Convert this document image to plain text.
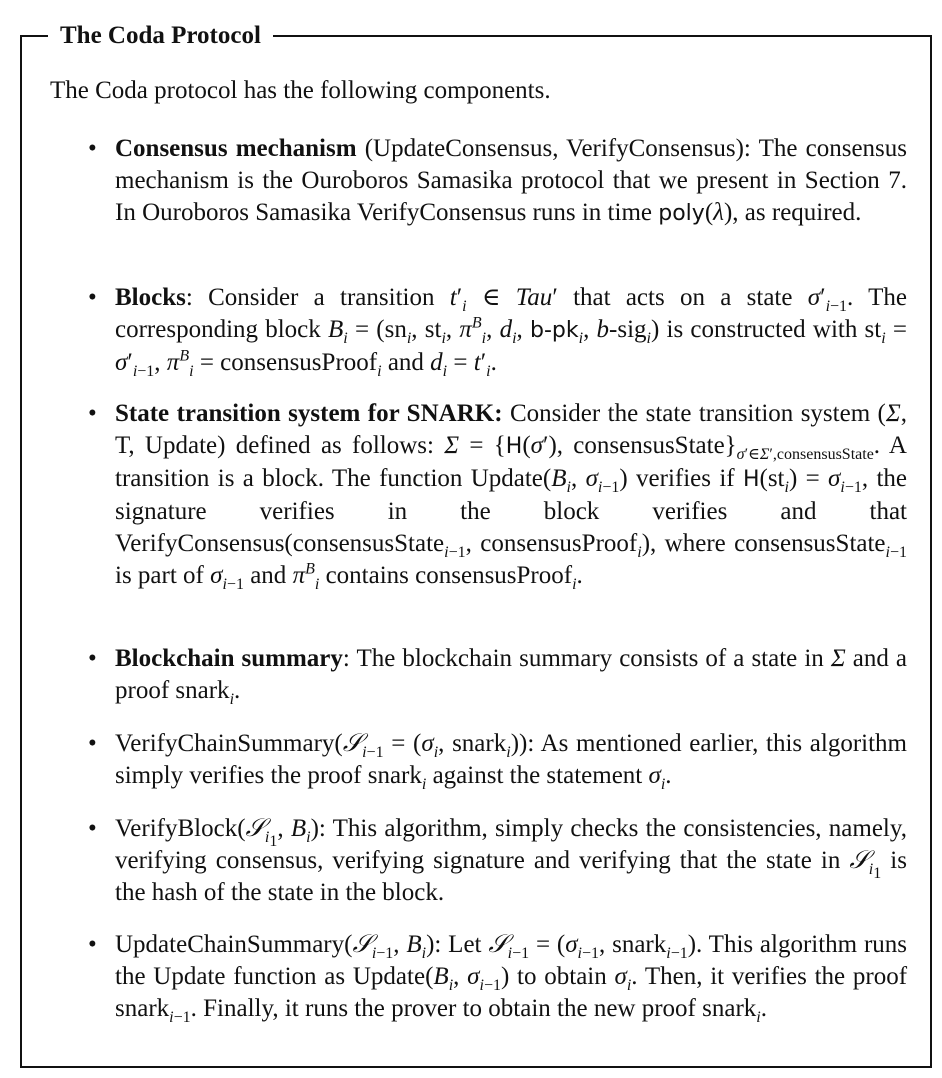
The Coda Protocol
The Coda protocol has the following components.
• Consensus mechanism (UpdateConsensus, VerifyConsensus): The consensus mechanism is the Ouroboros Samasika protocol that we present in Section 7. In Ouroboros Samasika VerifyConsensus runs in time poly(λ), as required.
• Blocks: Consider a transition $t'_i$ ∈ Tau′ that acts on a state $\sigma'_{i-1}$. The corresponding block $B_i = (sn_i$, $st_i$, $\pi^B_i$, $d_i$, $b-pk_i$, b-sig$_i$) is constructed with $st_i = \sigma'_{i-1}$, $\pi^B_i$ = consensusProof$_i$ and $d_i = t'_i$.
• State transition system for SNARK: Consider the state transition system (Σ, T, Update) defined as follows: Σ = {H(σ′), $consensusState\}_{\sigma'\in\Sigma',consensusState}$. A transition is a block. The function $Update(B_i$, $\sigma_{i-1}$) verifies if $H(st_i) = \sigma_{i-1}$, the signature verifies in the block verifies and that VerifyConsensus(consensusState$_{i-1}$, consensusProof$_i$), where consensusState$_{i-1}$ is part of $\sigma_{i-1}$ and $\pi^B_i$ contains consensusProof$_i$.
• Blockchain summary: The blockchain summary consists of a state in Σ and a proof snark$_i$.
• VerifyChainSummary(𝒮$_{i-1}$ = ($\sigma_i$, snark$_i$)): As mentioned earlier, this algorithm simply verifies the proof snark$_i$ against the statement $\sigma_i$.
• VerifyBlock(𝒮$_{i_1}$, $B_i$): This algorithm, simply checks the consistencies, namely, verifying consensus, verifying signature and verifying that the state in 𝒮$_{i_1}$ is the hash of the state in the block.
• UpdateChainSummary(𝒮$_{i-1}$, $B_i$): Let 𝒮$_{i-1}$ = ($\sigma_{i-1}$, snark$_{i-1}$). This algorithm runs the Update function as $Update(B_i$, $\sigma_{i-1}$) to obtain $\sigma_i$. Then, it verifies the proof snark$_{i-1}$. Finally, it runs the prover to obtain the new proof snark$_i$.
